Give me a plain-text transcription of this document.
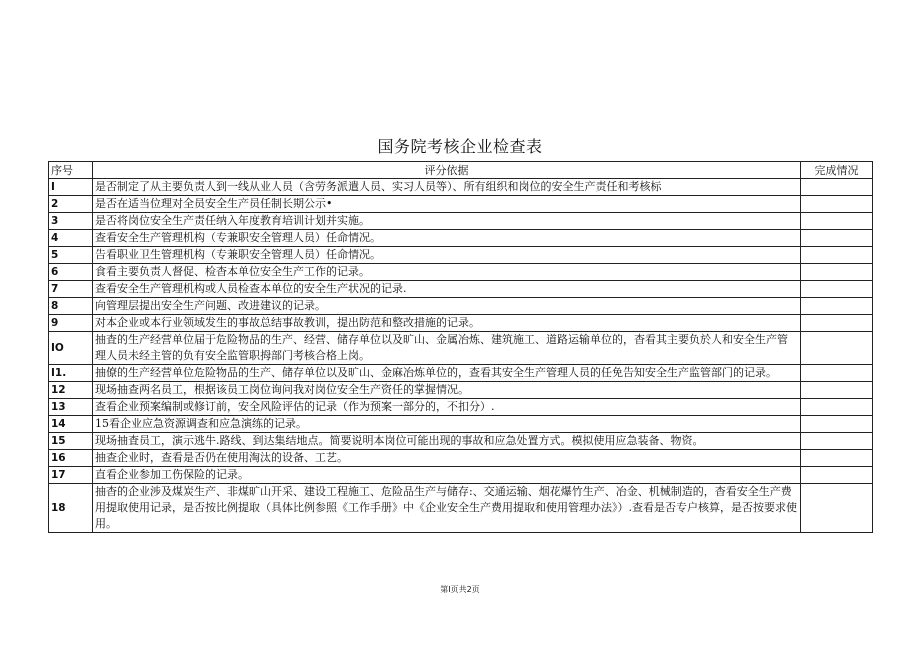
国务院考核企业检查表
序号	评分依据	完成情况
I	是否制定了从主要负责人到一线从业人员（含劳务派遣人员、实习人员等）、所有组织和岗位的安全生产责任和考核标	
2	是否在适当位理对全员安全生产员任制长期公示•	
3	是否将岗位安全生产责任纳入年度教育培训计划并实施。	
4	查看安全生产管理机构（专兼职安全管理人员）任命情况。	
5	告看职业卫生管理机构（专兼职安全管理人员）任命情况。	
6	食看主要负责人督促、检杳本单位安全生产工作的记录。	
7	查看安全生产管理机构或人员检查本单位的安全生产状况的记录.	
8	向管理层提出安全生产问题、改进建议的记录。	
9	对本企业或本行业领域发生的事故总结事故教训，提出防范和整改措施的记录。	
IO	抽査的生产经营单位届于危险物品的生产、经营、储存单位以及旷山、金属冶炼、建筑施工、道路运输单位的，杳看其主要负於人和安全生产管理人员未经主管的负有安全监管职拇部门考核合格上岗。	
I1.	抽僚的生产经营单位危险物品的生产、储存单位以及旷山、金麻冶炼单位的，查看其安全生产管理人员的任免告知安全生产监管部门的记录。	
12	现场抽查两名员工，根据该员工岗位询问我对岗位安全生产资任的掌握情况。	
13	查看企业预案编制或修订前，安全风险评估的记录（作为预案一部分的，不扣分）.	
14	15看企业应急资源调查和应急演练的记录。	
15	现场抽査员工，演示逃牛.路线、到达集结地点。简要说明本岗位可能出现的事故和应急处置方式。模拟使用应急装备、物资。	
16	抽查企业时，查看是否仍在使用淘汰的设备、工艺。	
17	直看企业参加工伤保险的记录。	
18	抽杳的企业涉及煤炭生产、非煤旷山开采、建设工程施工、危险品生产与储存:、交通运输、烟花爆竹生产、冶金、机械制造的，杳看安全生产费用提取使用记录，是否按比例提取（具体比例参照《工作手册》中《企业安全生产费用提取和使用管理办法》）.查看是否专户核算，是否按要求使用。	
第I页共2页
